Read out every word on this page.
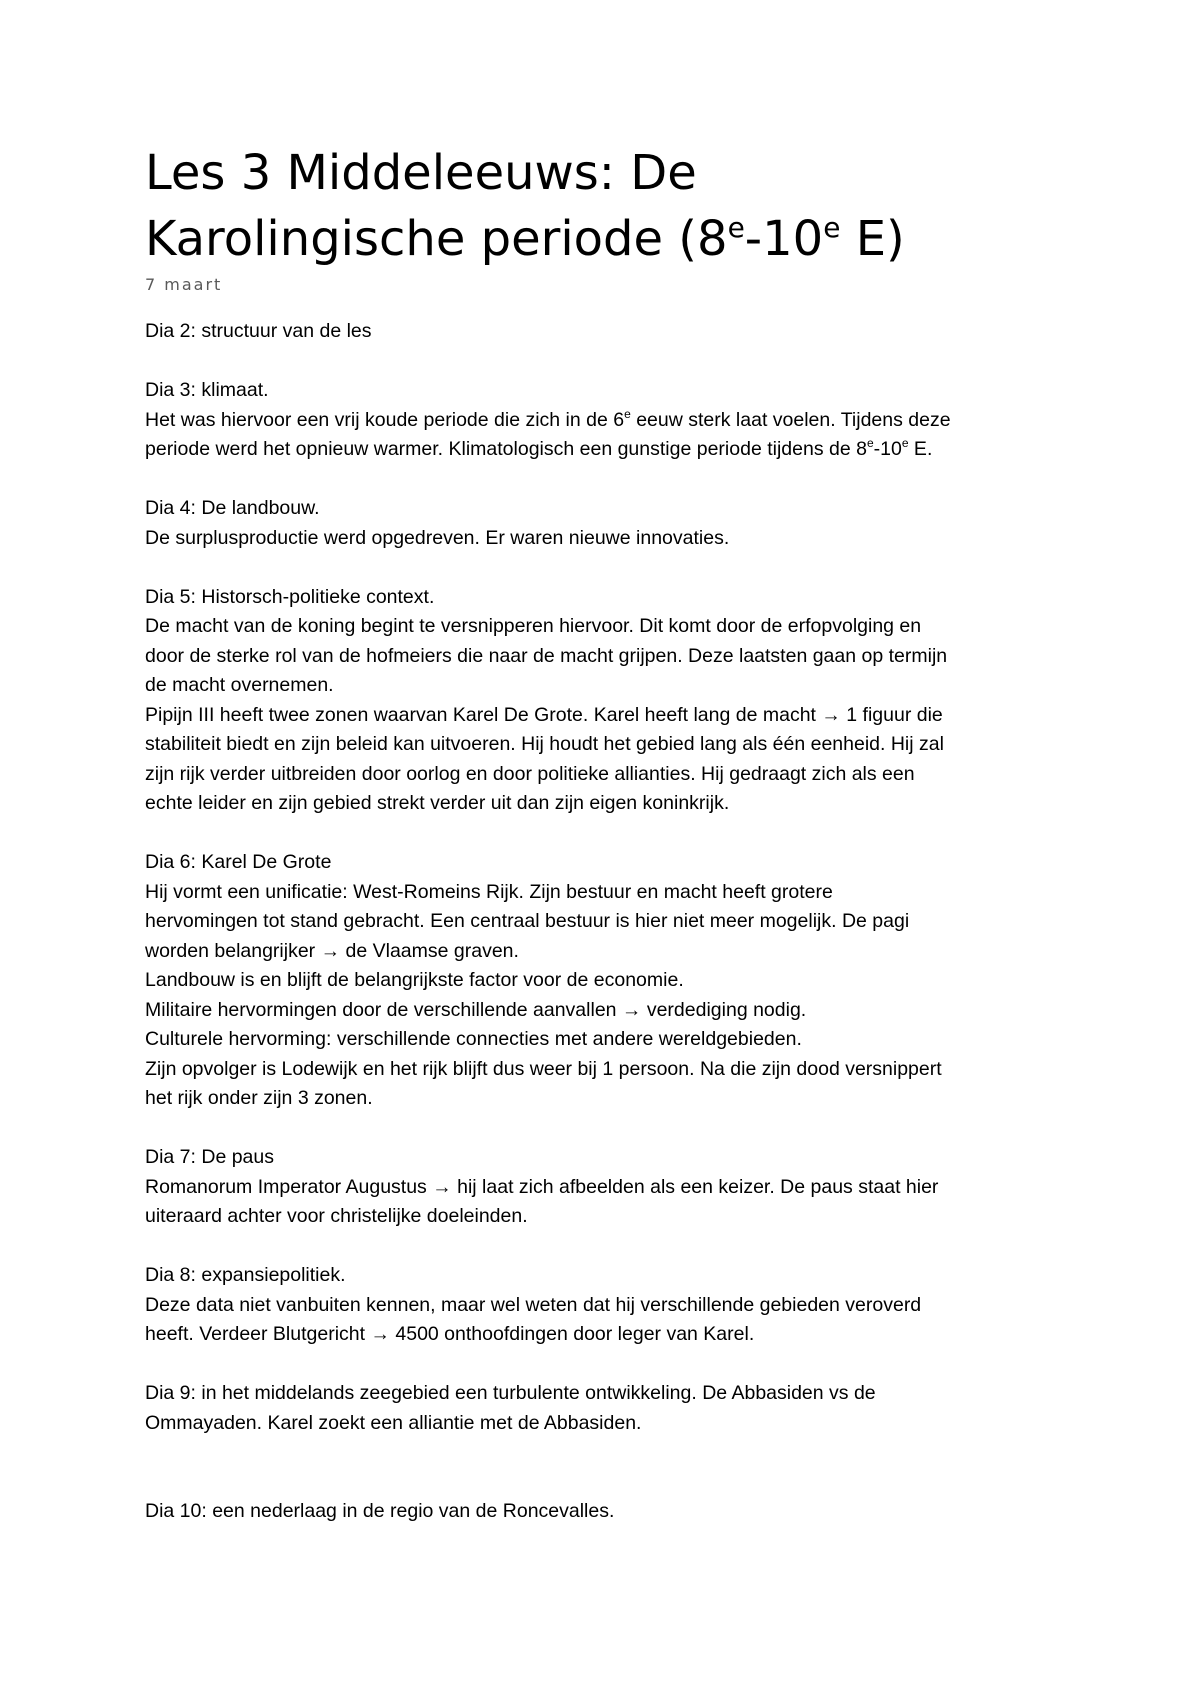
Les 3 Middeleeuws: De
Karolingische periode (8e-10e E)
7 maart
Dia 2: structuur van de les
Dia 3: klimaat.
Het was hiervoor een vrij koude periode die zich in de 6e eeuw sterk laat voelen. Tijdens deze
periode werd het opnieuw warmer. Klimatologisch een gunstige periode tijdens de 8e-10e E.
Dia 4: De landbouw.
De surplusproductie werd opgedreven. Er waren nieuwe innovaties.
Dia 5: Historsch-politieke context.
De macht van de koning begint te versnipperen hiervoor. Dit komt door de erfopvolging en
door de sterke rol van de hofmeiers die naar de macht grijpen. Deze laatsten gaan op termijn
de macht overnemen.
Pipijn III heeft twee zonen waarvan Karel De Grote. Karel heeft lang de macht → 1 figuur die
stabiliteit biedt en zijn beleid kan uitvoeren. Hij houdt het gebied lang als één eenheid. Hij zal
zijn rijk verder uitbreiden door oorlog en door politieke allianties. Hij gedraagt zich als een
echte leider en zijn gebied strekt verder uit dan zijn eigen koninkrijk.
Dia 6: Karel De Grote
Hij vormt een unificatie: West-Romeins Rijk. Zijn bestuur en macht heeft grotere
hervomingen tot stand gebracht. Een centraal bestuur is hier niet meer mogelijk. De pagi
worden belangrijker → de Vlaamse graven.
Landbouw is en blijft de belangrijkste factor voor de economie.
Militaire hervormingen door de verschillende aanvallen → verdediging nodig.
Culturele hervorming: verschillende connecties met andere wereldgebieden.
Zijn opvolger is Lodewijk en het rijk blijft dus weer bij 1 persoon. Na die zijn dood versnippert
het rijk onder zijn 3 zonen.
Dia 7: De paus
Romanorum Imperator Augustus → hij laat zich afbeelden als een keizer. De paus staat hier
uiteraard achter voor christelijke doeleinden.
Dia 8: expansiepolitiek.
Deze data niet vanbuiten kennen, maar wel weten dat hij verschillende gebieden veroverd
heeft. Verdeer Blutgericht → 4500 onthoofdingen door leger van Karel.
Dia 9: in het middelands zeegebied een turbulente ontwikkeling. De Abbasiden vs de
Ommayaden. Karel zoekt een alliantie met de Abbasiden.
Dia 10: een nederlaag in de regio van de Roncevalles.
